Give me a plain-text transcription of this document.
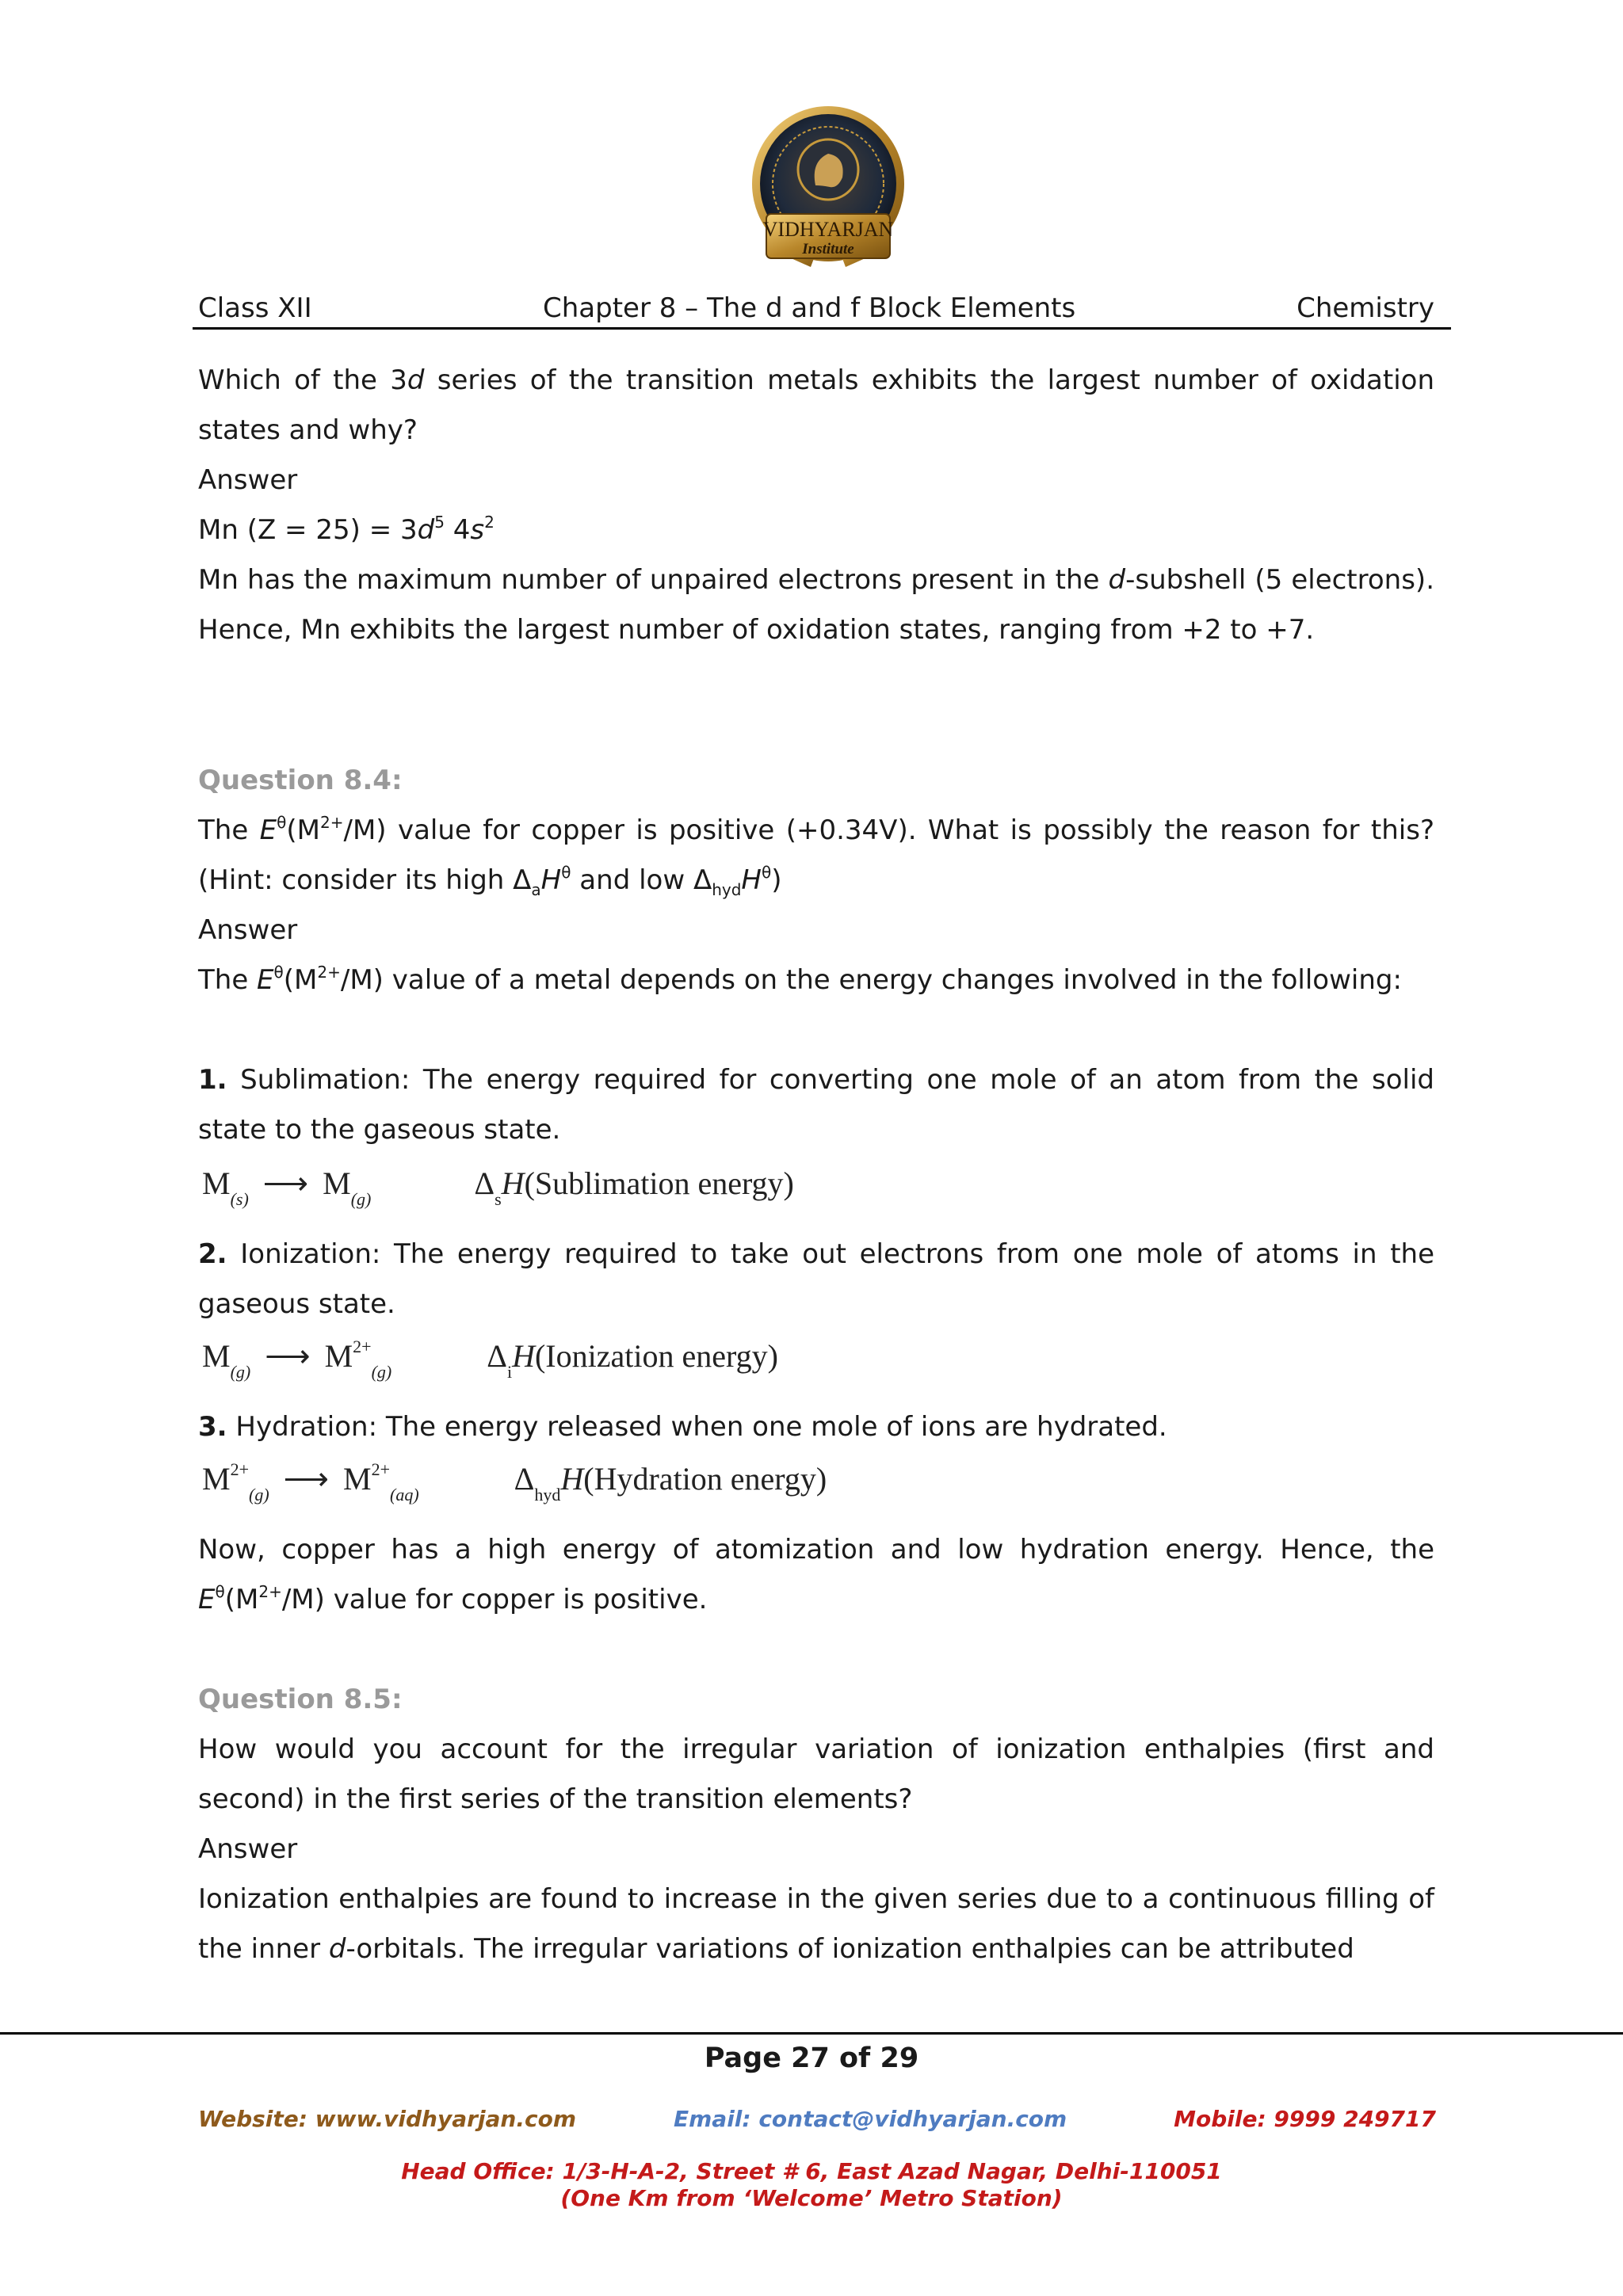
VIDHYARJAN
Institute
Class XII	Chapter 8 – The d and f Block Elements	Chemistry

Which of the 3d series of the transition metals exhibits the largest number of oxidation states and why?

Answer
Mn $(Z = 25) = 3d^5$ $4s^2$

Mn has the maximum number of unpaired electrons present in the d-subshell (5 electrons). Hence, Mn exhibits the largest number of oxidation states, ranging from +2 to +7.

Question 8.4:

The $E^\theta(M^{2+}/M)$ value for copper is positive (+0.34V). What is possibly the reason for this? (Hint: consider its high $\Delta_aH^\theta$ and low $\Delta_{hyd}H^\theta$)

Answer

The $E^\theta(M^{2+}/M)$ value of a metal depends on the energy changes involved in the following:

1. Sublimation: The energy required for converting one mole of an atom from the solid state to the gaseous state.

$M_{(s)}$ ⟶ $M_{(g)}$	$\Delta_sH(Sublimation$ energy)

2. Ionization: The energy required to take out electrons from one mole of atoms in the gaseous state.

$M_{(g)}$ ⟶ $M^{2+}_{(g)}$	$\Delta_iH(Ionization$ energy)

3. Hydration: The energy released when one mole of ions are hydrated.

$M^{2+}_{(g)}$ ⟶ $M^{2+}_{(aq)}$	$\Delta_{hyd}H(Hydration$ energy)

Now, copper has a high energy of atomization and low hydration energy. Hence, the $E^\theta(M^{2+}/M)$ value for copper is positive.

Question 8.5:

How would you account for the irregular variation of ionization enthalpies (first and second) in the first series of the transition elements?

Answer

Ionization enthalpies are found to increase in the given series due to a continuous filling of the inner d-orbitals. The irregular variations of ionization enthalpies can be attributed

Page 27 of 29
Website: www.vidhyarjan.com	Email: contact@vidhyarjan.com	Mobile: 9999 249717
Head Office: 1/3-H-A-2, Street # 6, East Azad Nagar, Delhi-110051
(One Km from ‘Welcome’ Metro Station)
